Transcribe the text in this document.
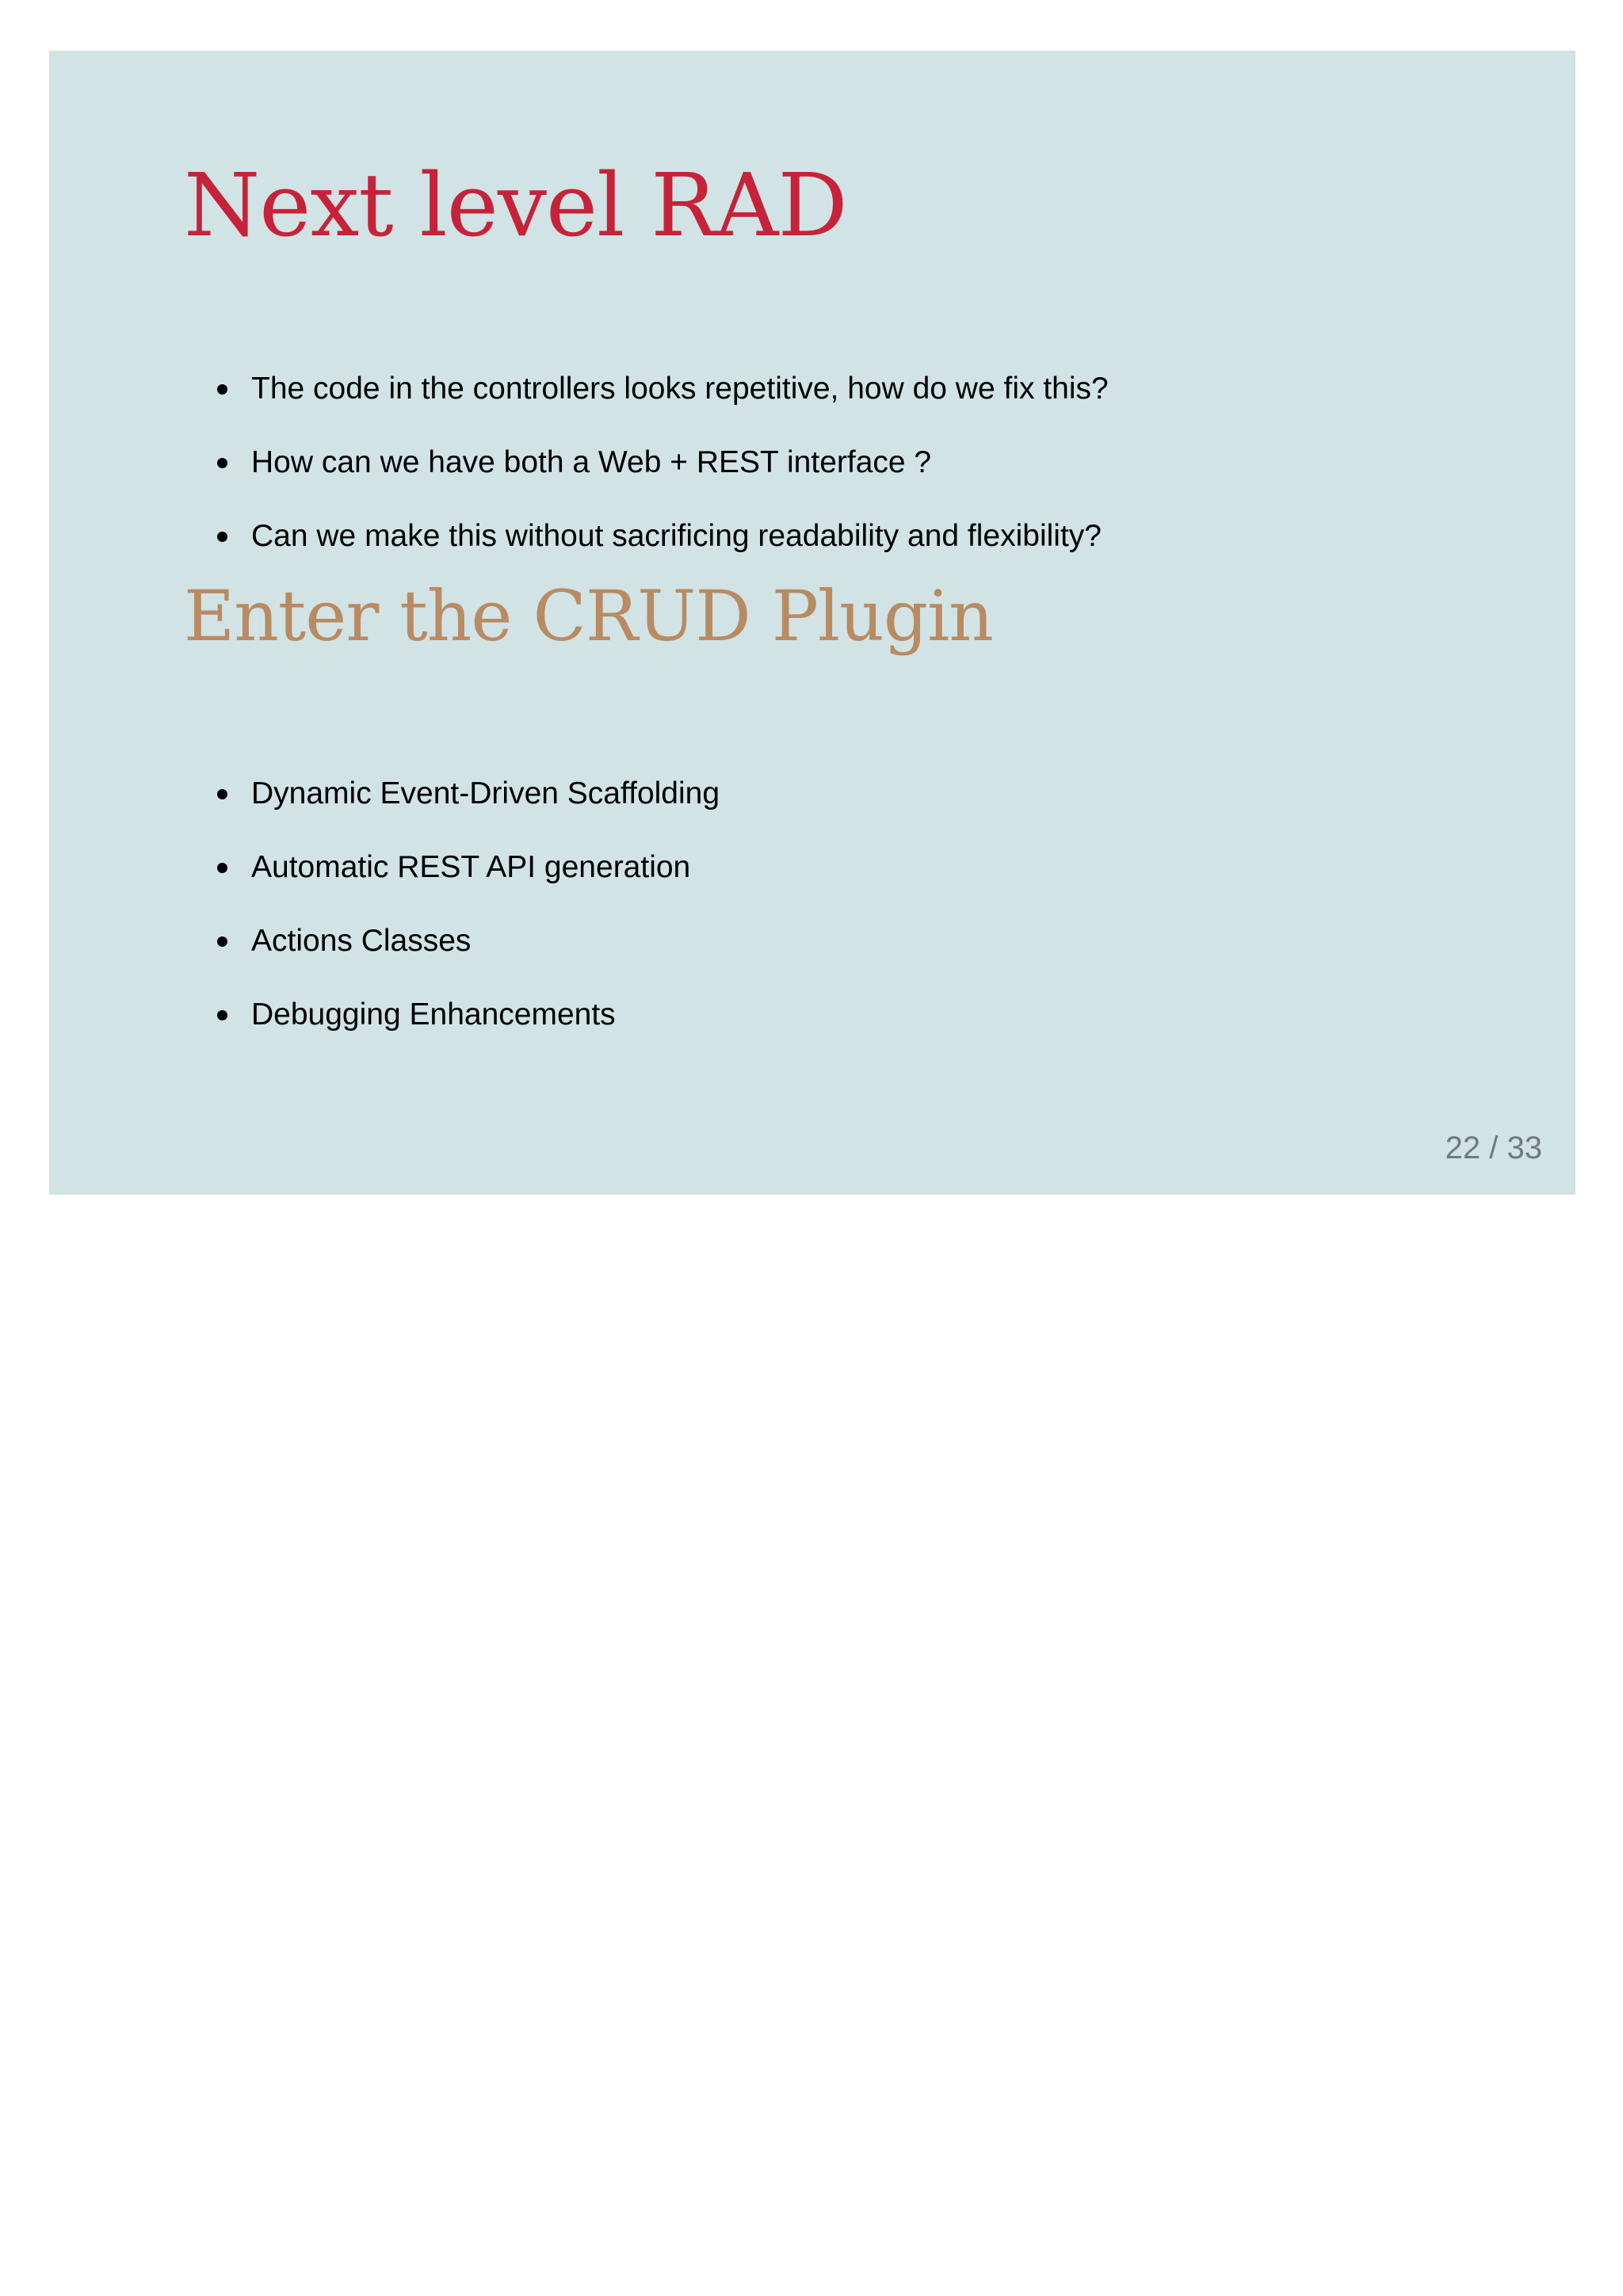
Next level RAD
The code in the controllers looks repetitive, how do we fix this?
How can we have both a Web + REST interface ?
Can we make this without sacrificing readability and flexibility?
Enter the CRUD Plugin
Dynamic Event-Driven Scaffolding
Automatic REST API generation
Actions Classes
Debugging Enhancements
22 / 33
